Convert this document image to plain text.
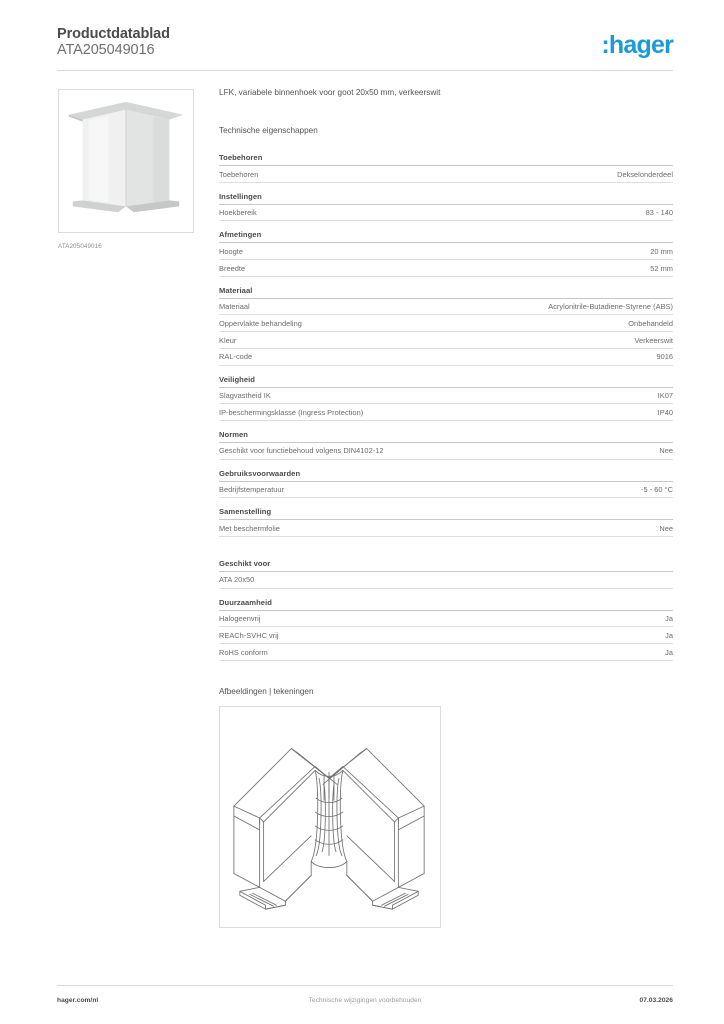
Productdatablad
ATA205049016	:hager
ATA205049016
LFK, variabele binnenhoek voor goot 20x50 mm, verkeerswit
Technische eigenschappen
Toebehoren
Toebehoren	Dekselonderdeel
Instellingen
Hoekbereik	83 - 140
Afmetingen
Hoogte	20 mm
Breedte	52 mm
Materiaal
Materiaal	Acrylonitrile-Butadiene-Styrene (ABS)
Oppervlakte behandeling	Onbehandeld
Kleur	Verkeerswit
RAL-code	9016
Veiligheid
Slagvastheid IK	IK07
IP-beschermingsklasse (Ingress Protection)	IP40
Normen
Geschikt voor functiebehoud volgens DIN4102-12	Nee
Gebruiksvoorwaarden
Bedrijfstemperatuur	-5 - 60 °C
Samenstelling
Met beschermfolie	Nee
Geschikt voor
ATA 20x50
Duurzaamheid
Halogeenvrij	Ja
REACh-SVHC vrij	Ja
RoHS conform	Ja
Afbeeldingen | tekeningen
hager.com/nl	Technische wijzigingen voorbehouden	07.03.2026
